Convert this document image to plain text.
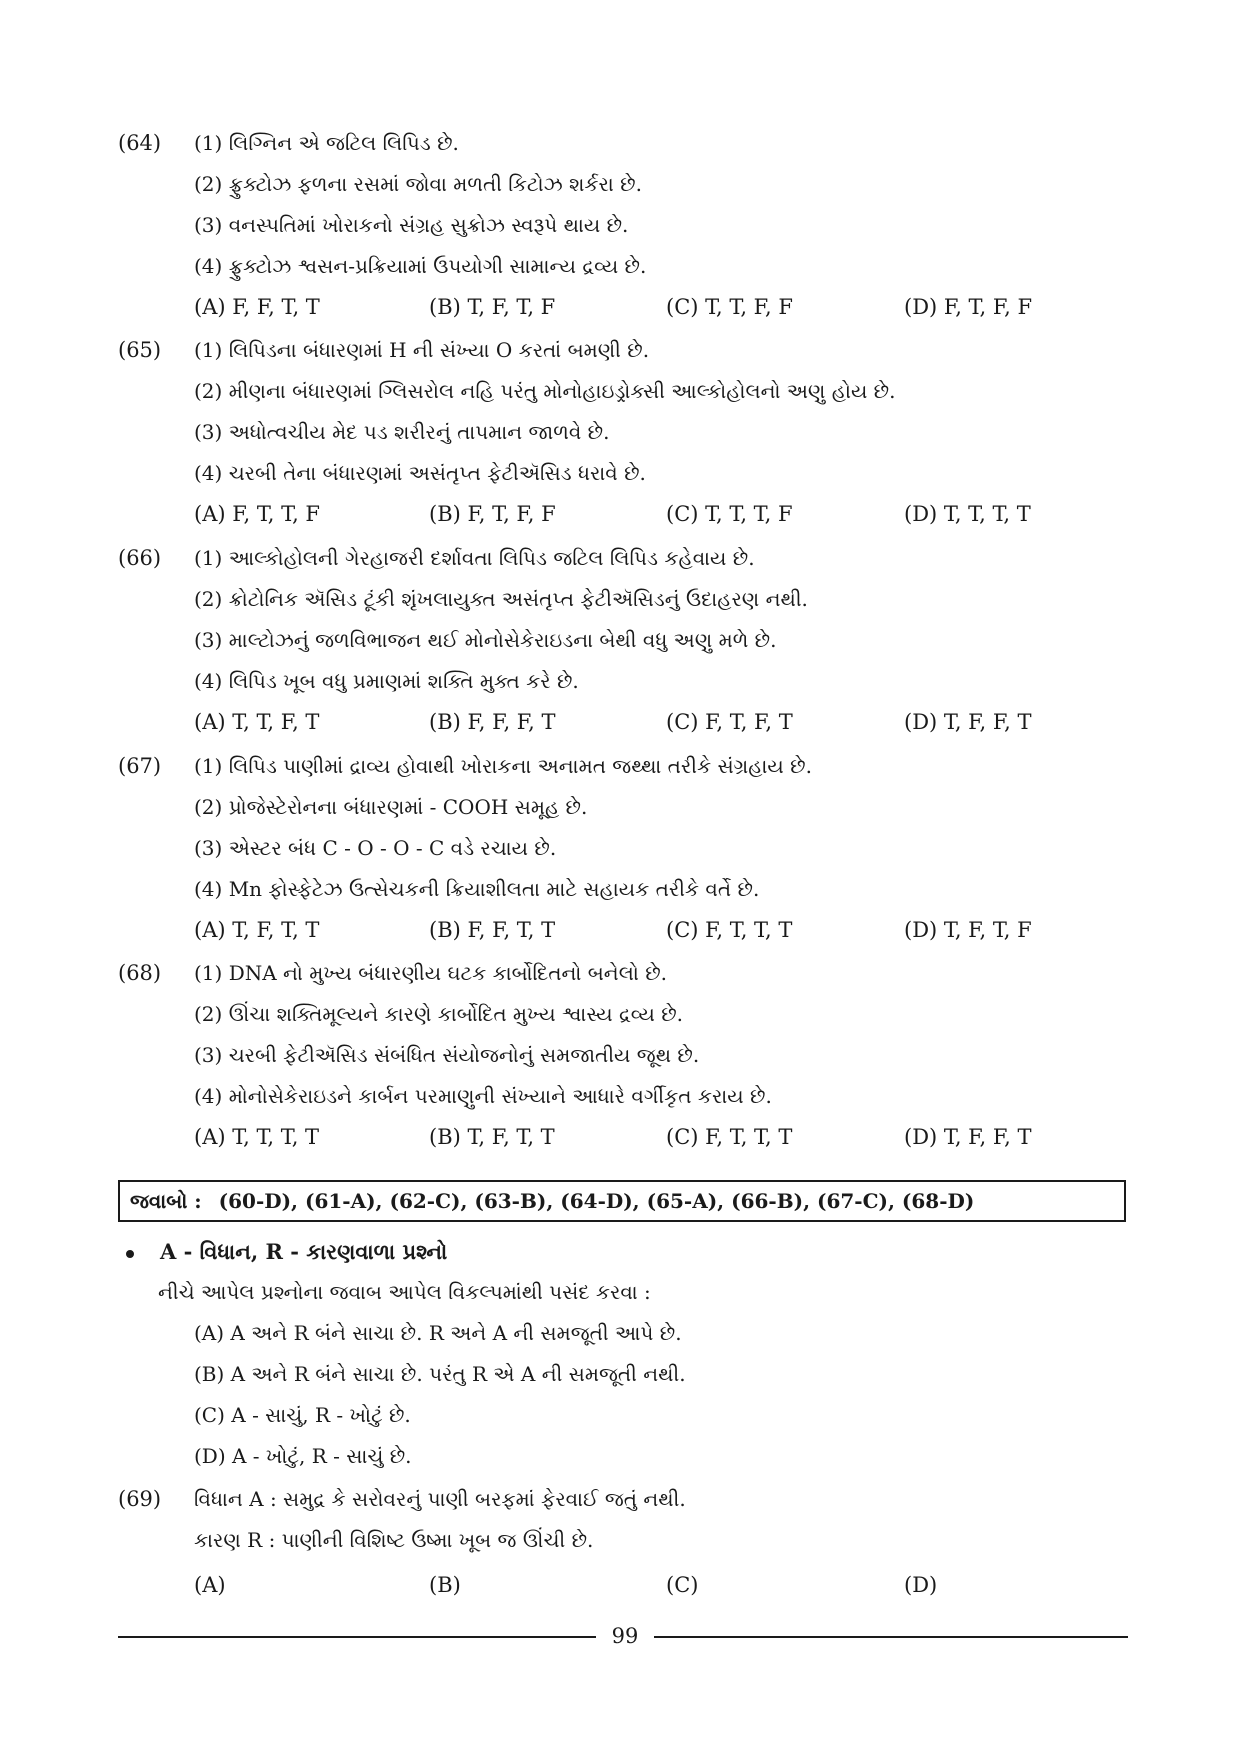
(64) (1) લિગ્નિન એ જટિલ લિપિડ છે.
(2) ફ્રુક્ટોઝ ફળના રસમાં જોવા મળતી કિટોઝ શર્કરા છે.
(3) વનસ્પતિમાં ખોરાકનો સંગ્રહ સુક્રોઝ સ્વરૂપે થાય છે.
(4) ફ્રુક્ટોઝ શ્વસન-પ્રક્રિયામાં ઉપયોગી સામાન્ય દ્રવ્ય છે.
(A) F, F, T, T	(B) T, F, T, F	(C) T, T, F, F	(D) F, T, F, F
(65) (1) લિપિડના બંધારણમાં H ની સંખ્યા O કરતાં બમણી છે.
(2) મીણના બંધારણમાં ગ્લિસરોલ નહિ પરંતુ મોનોહાઇડ્રોક્સી આલ્કોહોલનો અણુ હોય છે.
(3) અધોત્વચીય મેદ પડ શરીરનું તાપમાન જાળવે છે.
(4) ચરબી તેના બંધારણમાં અસંતૃપ્ત ફેટીઍસિડ ધરાવે છે.
(A) F, T, T, F	(B) F, T, F, F	(C) T, T, T, F	(D) T, T, T, T
(66) (1) આલ્કોહોલની ગેરહાજરી દર્શાવતા લિપિડ જટિલ લિપિડ કહેવાય છે.
(2) ક્રોટોનિક ઍસિડ ટૂંકી શૃંખલાયુક્ત અસંતૃપ્ત ફેટીઍસિડનું ઉદાહરણ નથી.
(3) માલ્ટોઝનું જળવિભાજન થઈ મોનોસેકેરાઇડના બેથી વધુ અણુ મળે છે.
(4) લિપિડ ખૂબ વધુ પ્રમાણમાં શક્તિ મુક્ત કરે છે.
(A) T, T, F, T	(B) F, F, F, T	(C) F, T, F, T	(D) T, F, F, T
(67) (1) લિપિડ પાણીમાં દ્રાવ્ય હોવાથી ખોરાકના અનામત જથ્થા તરીકે સંગ્રહાય છે.
(2) પ્રોજેસ્ટેરોનના બંધારણમાં - COOH સમૂહ છે.
(3) એસ્ટર બંધ C - O - O - C વડે રચાય છે.
(4) Mn ફોસ્ફેટેઝ ઉત્સેચકની ક્રિયાશીલતા માટે સહાયક તરીકે વર્તે છે.
(A) T, F, T, T	(B) F, F, T, T	(C) F, T, T, T	(D) T, F, T, F
(68) (1) DNA નો મુખ્ય બંધારણીય ઘટક કાર્બોદિતનો બનેલો છે.
(2) ઊંચા શક્તિમૂલ્યને કારણે કાર્બોદિત મુખ્ય શ્વાસ્ય દ્રવ્ય છે.
(3) ચરબી ફેટીઍસિડ સંબંધિત સંયોજનોનું સમજાતીય જૂથ છે.
(4) મોનોસેકેરાઇડને કાર્બન પરમાણુની સંખ્યાને આધારે વર્ગીકૃત કરાય છે.
(A) T, T, T, T	(B) T, F, T, T	(C) F, T, T, T	(D) T, F, F, T
જવાબો : (60-D), (61-A), (62-C), (63-B), (64-D), (65-A), (66-B), (67-C), (68-D)
A - વિધાન, R - કારણવાળા પ્રશ્નો
નીચે આપેલ પ્રશ્નોના જવાબ આપેલ વિકલ્પમાંથી પસંદ કરવા :
(A) A અને R બંને સાચા છે. R અને A ની સમજૂતી આપે છે.
(B) A અને R બંને સાચા છે. પરંતુ R એ A ની સમજૂતી નથી.
(C) A - સાચું, R - ખોટું છે.
(D) A - ખોટું, R - સાચું છે.
(69) વિધાન A : સમુદ્ર કે સરોવરનું પાણી બરફમાં ફેરવાઈ જતું નથી.
કારણ R : પાણીની વિશિષ્ટ ઉષ્મા ખૂબ જ ઊંચી છે.
(A)	(B)	(C)	(D)
99
